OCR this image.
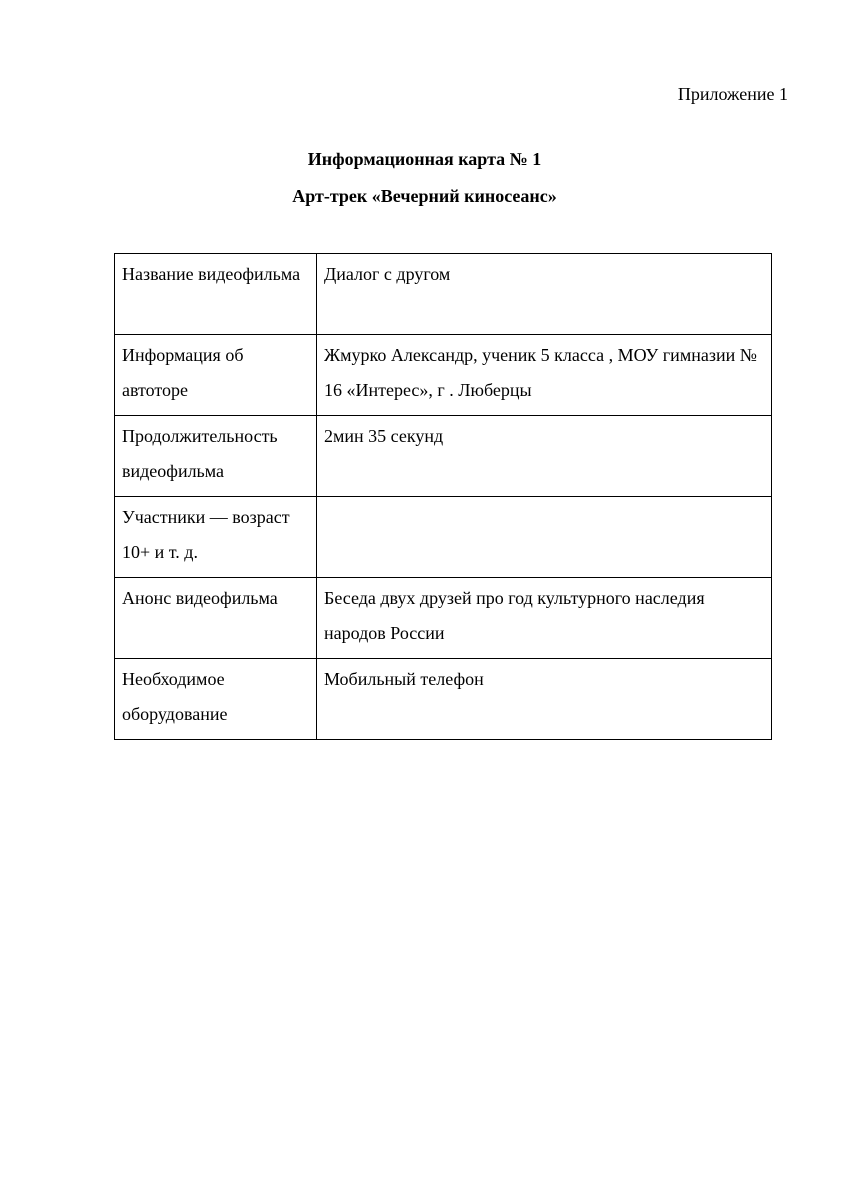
Приложение 1

Информационная карта № 1

Арт-трек «Вечерний киносеанс»

Название видеофильма	Диалог с другом
Информация об автоторе	Жмурко Александр, ученик 5 класса , МОУ гимназии № 16 «Интерес», г . Люберцы
Продолжительность видеофильма	2мин 35 секунд
Участники — возраст 10+ и т. д.	
Анонс видеофильма	Беседа двух друзей про год культурного наследия народов России
Необходимое оборудование	Мобильный телефон
